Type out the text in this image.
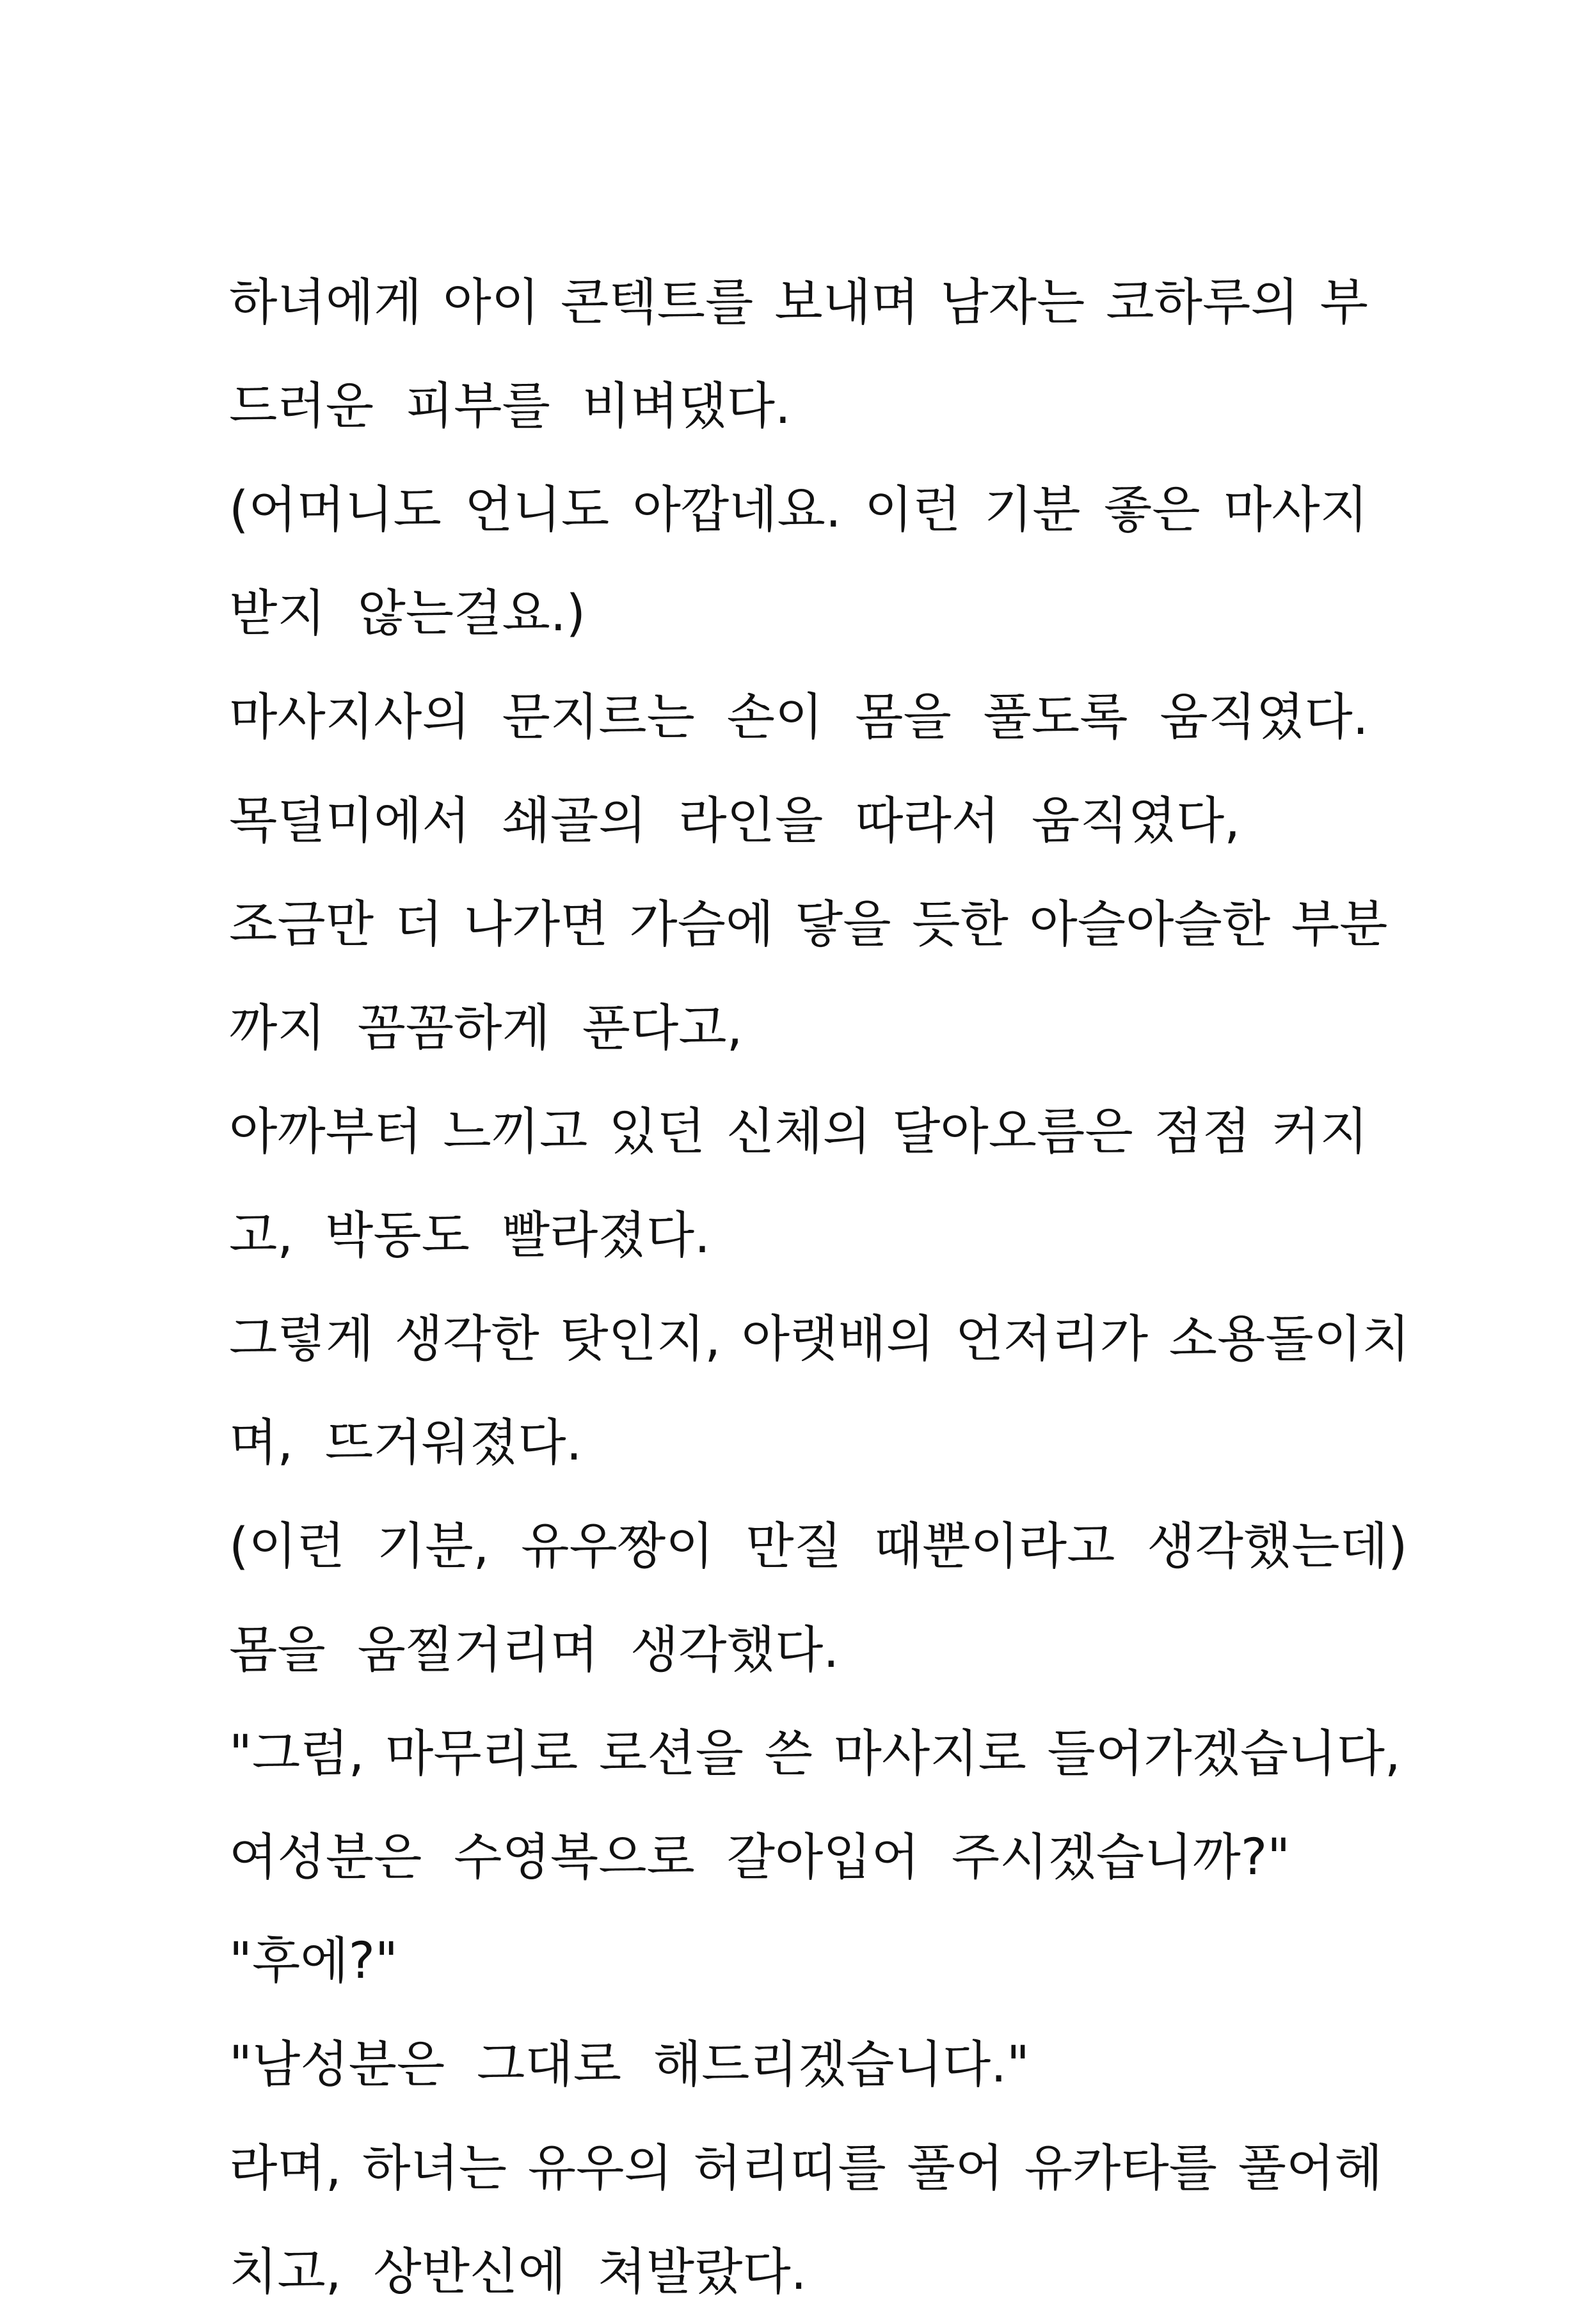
하녀에게 아이 콘텍트를 보내며 남자는 코하루의 부
드러운 피부를 비벼댔다.
(어머니도 언니도 아깝네요. 이런 기분 좋은 마사지
받지 않는걸요.)
마사지사의 문지르는 손이 몸을 풀도록 움직였다.
목덜미에서 쇄골의 라인을 따라서 움직였다,
조금만 더 나가면 가슴에 닿을 듯한 아슬아슬한 부분
까지 꼼꼼하게 푼다고,
아까부터 느끼고 있던 신체의 달아오름은 점점 커지
고, 박동도 빨라졌다.
그렇게 생각한 탓인지, 아랫배의 언저리가 소용돌이치
며, 뜨거워졌다.
(이런 기분, 유우짱이 만질 때뿐이라고 생각했는데)
몸을 움찔거리며 생각했다.
"그럼, 마무리로 로션을 쓴 마사지로 들어가겠습니다,
여성분은 수영복으로 갈아입어 주시겠습니까?"
"후에?"
"남성분은 그대로 해드리겠습니다."
라며, 하녀는 유우의 허리띠를 풀어 유카타를 풀어헤
치고, 상반신에 쳐발랐다.
